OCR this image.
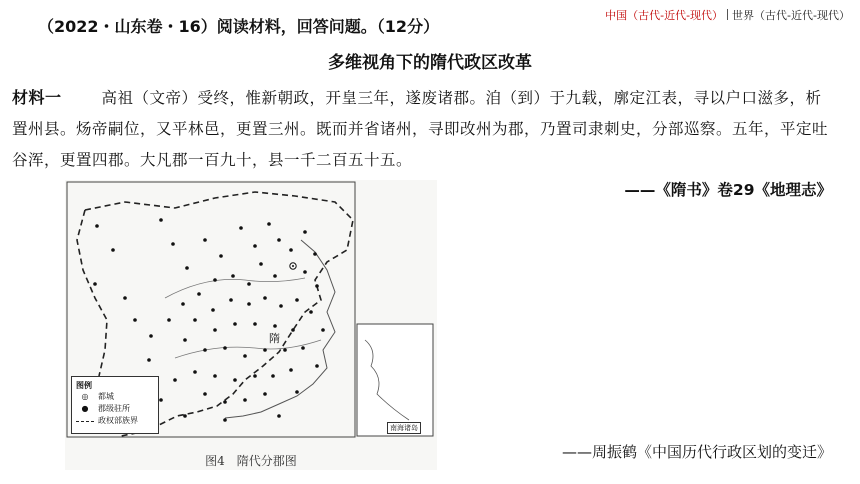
（2022・山东卷・16）阅读材料，回答问题。（12分）
中国（古代-近代-现代） 世界（古代-近代-现代）
多维视角下的隋代政区改革
材料一	高祖（文帝）受终，惟新朝政，开皇三年，遂废诸郡。洎（到）于九载，廓定江表，寻以户口滋多，析置州县。炀帝嗣位，又平林邑，更置三州。既而并省诸州，寻即改州为郡，乃置司隶刺史，分部巡察。五年，平定吐谷浑，更置四郡。大凡郡一百九十，县一千二百五十五。
——《隋书》卷29《地理志》
隋
图例
◎	都城
●	郡级驻所
政权部族界
南海诸岛
图4　隋代分郡图	——周振鹤《中国历代行政区划的变迁》
